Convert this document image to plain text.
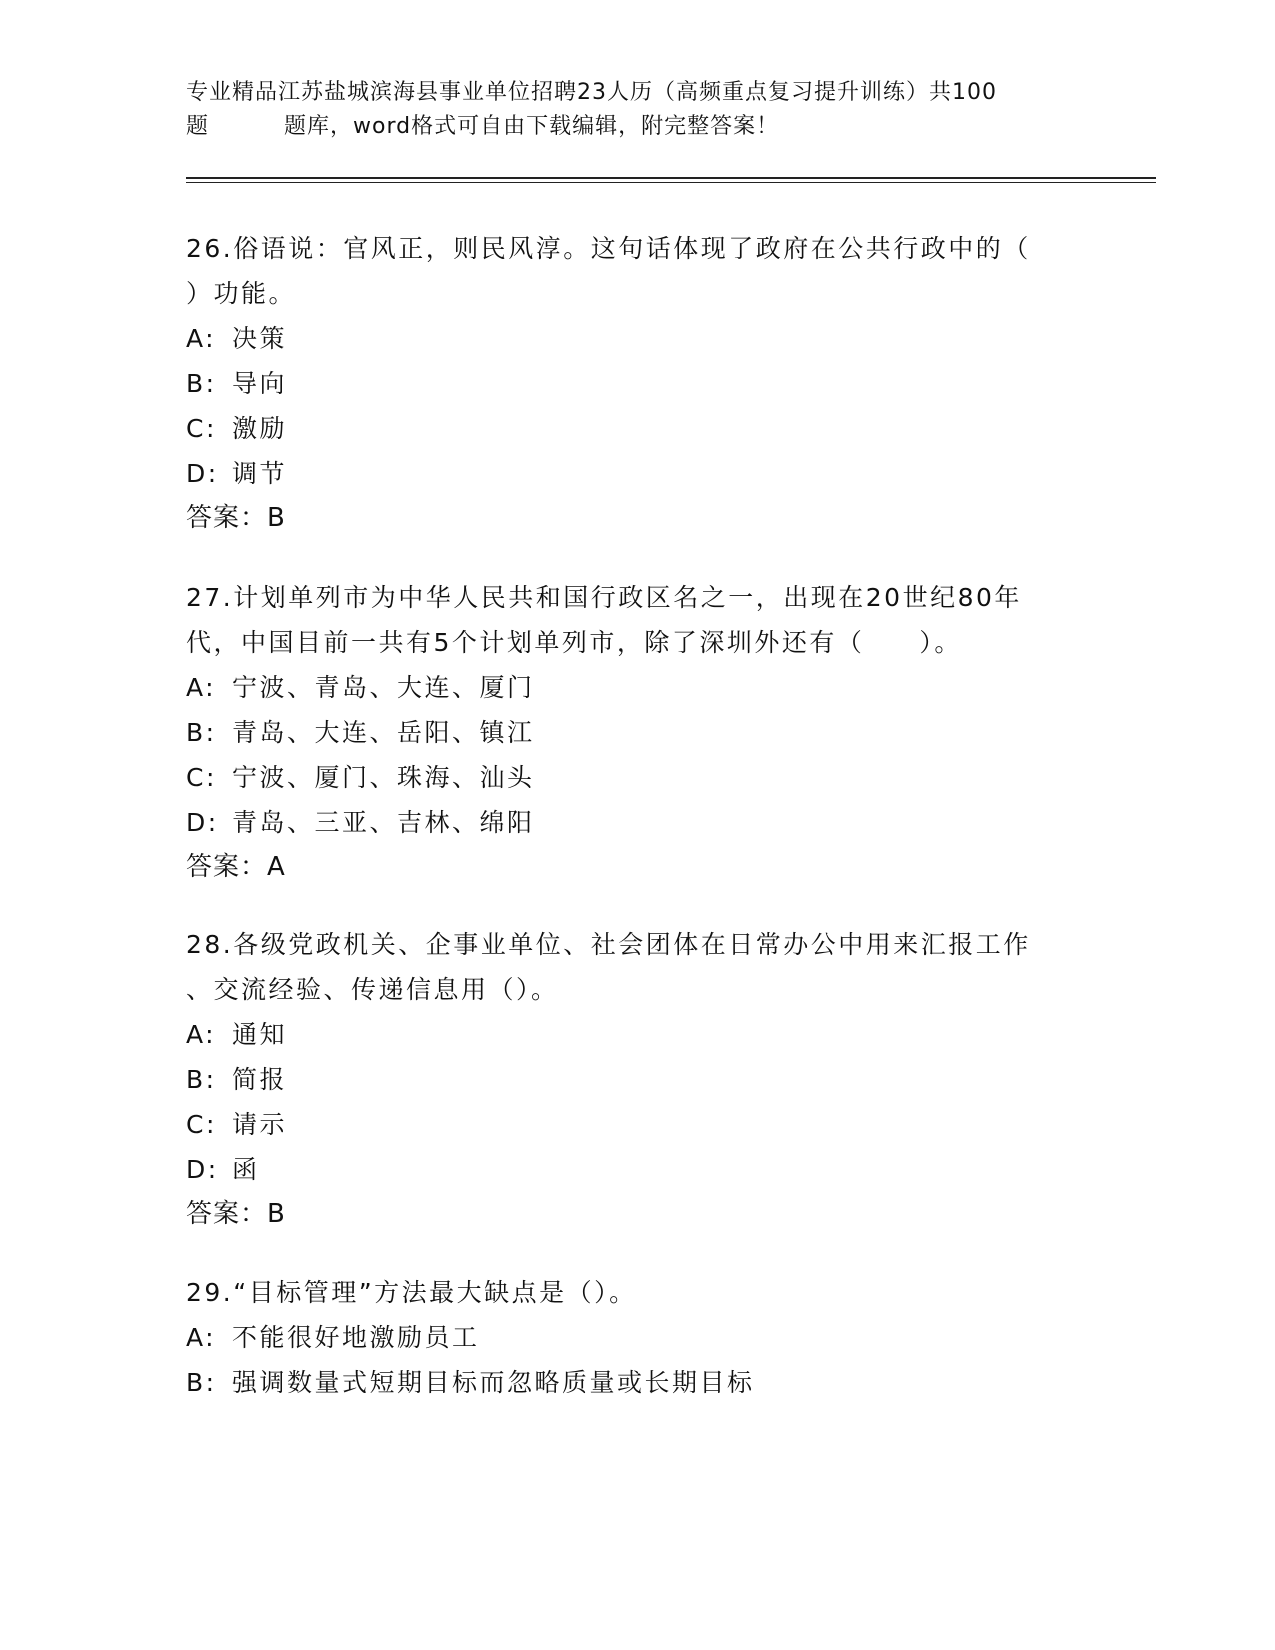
专业精品江苏盐城滨海县事业单位招聘23人历（高频重点复习提升训练）共100
题	题库，word格式可自由下载编辑，附完整答案！
26.俗语说：官风正，则民风淳。这句话体现了政府在公共行政中的（
）功能。
A: 决策
B: 导向
C: 激励
D: 调节
答案：B
27.计划单列市为中华人民共和国行政区名之一，出现在20世纪80年
代，中国目前一共有5个计划单列市，除了深圳外还有（　　）。
A: 宁波、青岛、大连、厦门
B: 青岛、大连、岳阳、镇江
C: 宁波、厦门、珠海、汕头
D: 青岛、三亚、吉林、绵阳
答案：A
28.各级党政机关、企事业单位、社会团体在日常办公中用来汇报工作
、交流经验、传递信息用（）。
A: 通知
B: 简报
C: 请示
D: 函
答案：B
29.“目标管理”方法最大缺点是（）。
A: 不能很好地激励员工
B: 强调数量式短期目标而忽略质量或长期目标
